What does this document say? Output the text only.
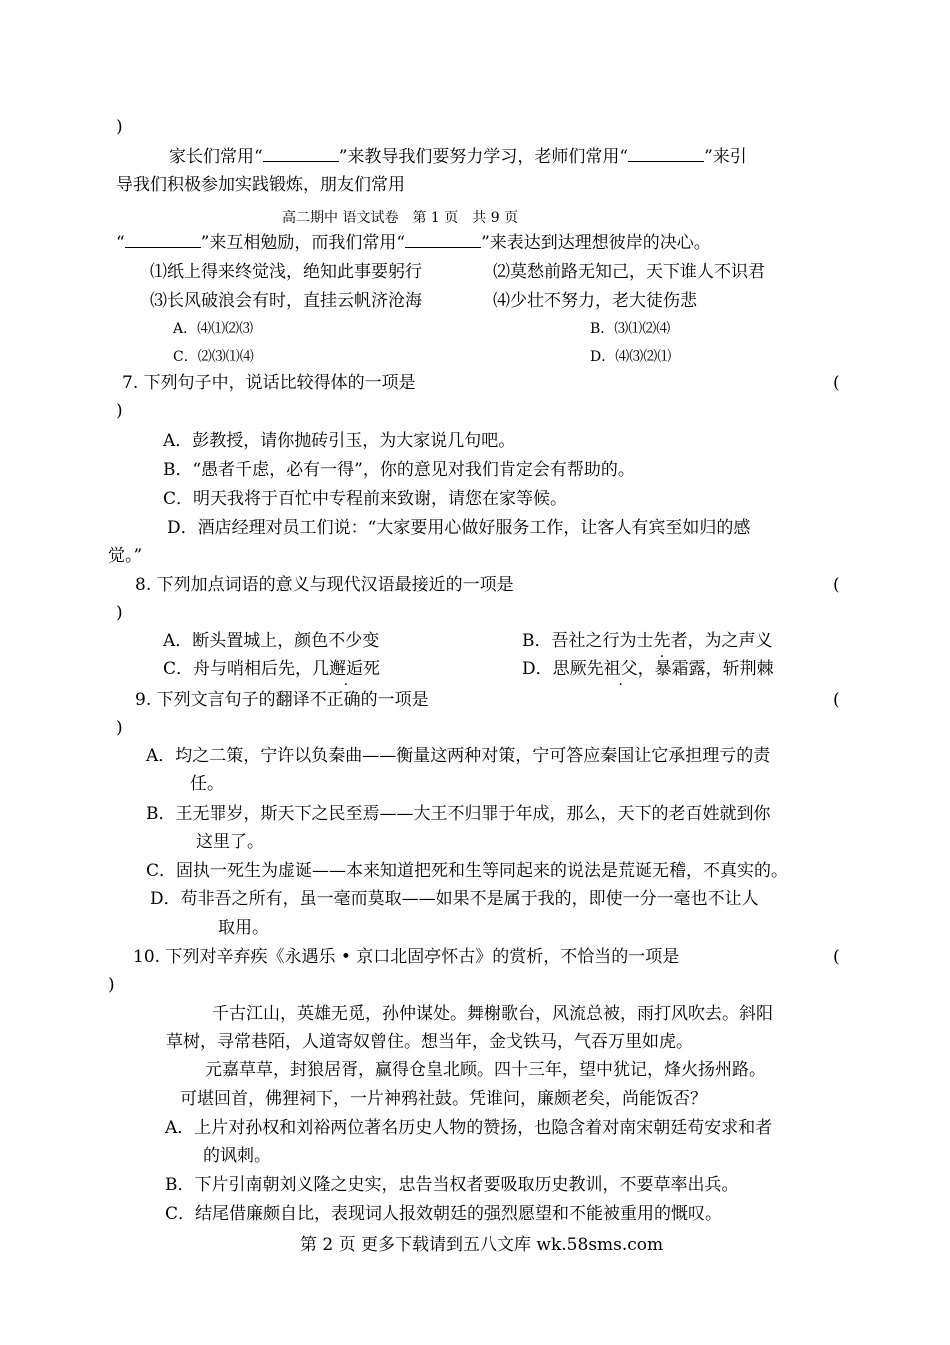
)
家长们常用“	”来教导我们要努力学习，老师们常用“	”来引
导我们积极参加实践锻炼，朋友们常用
高二期中 语文试卷　第 1 页　共 9 页
“	”来互相勉励，而我们常用“	”来表达到达理想彼岸的决心。
⑴纸上得来终觉浅，绝知此事要躬行	⑵莫愁前路无知己，天下谁人不识君
⑶长风破浪会有时，直挂云帆济沧海	⑷少壮不努力，老大徒伤悲
A．⑷⑴⑵⑶	B．⑶⑴⑵⑷
C．⑵⑶⑴⑷	D．⑷⑶⑵⑴
7. 下列句子中，说话比较得体的一项是	(
)
A．彭教授，请你抛砖引玉，为大家说几句吧。
B．“愚者千虑，必有一得”，你的意见对我们肯定会有帮助的。
C．明天我将于百忙中专程前来致谢，请您在家等候。
D．酒店经理对员工们说：“大家要用心做好服务工作，让客人有宾至如归的感
觉。”
8. 下列加点词语的意义与现代汉语最接近的一项是	(
)
A．断头置城上，颜色不少变	B．吾社之行为士先者，为之声义
C．舟与哨相后先，几邂逅死	D．思厥先祖父，暴霜露，斩荆棘
9. 下列文言句子的翻译不正确的一项是	(
)
A．均之二策，宁许以负秦曲——衡量这两种对策，宁可答应秦国让它承担理亏的责
任。
B．王无罪岁，斯天下之民至焉——大王不归罪于年成，那么，天下的老百姓就到你
这里了。
C．固执一死生为虚诞——本来知道把死和生等同起来的说法是荒诞无稽，不真实的。
D．苟非吾之所有，虽一毫而莫取——如果不是属于我的，即使一分一毫也不让人
取用。
10. 下列对辛弃疾《永遇乐 • 京口北固亭怀古》的赏析，不恰当的一项是	(
)
千古江山，英雄无觅，孙仲谋处。舞榭歌台，风流总被，雨打风吹去。斜阳
草树，寻常巷陌，人道寄奴曾住。想当年，金戈铁马，气吞万里如虎。
元嘉草草，封狼居胥，赢得仓皇北顾。四十三年，望中犹记，烽火扬州路。
可堪回首，佛狸祠下，一片神鸦社鼓。凭谁问，廉颇老矣，尚能饭否？
A．上片对孙权和刘裕两位著名历史人物的赞扬，也隐含着对南宋朝廷苟安求和者
的讽刺。
B．下片引南朝刘义隆之史实，忠告当权者要吸取历史教训，不要草率出兵。
C．结尾借廉颇自比，表现词人报效朝廷的强烈愿望和不能被重用的慨叹。
第 2 页 更多下载请到五八文库 wk.58sms.com
